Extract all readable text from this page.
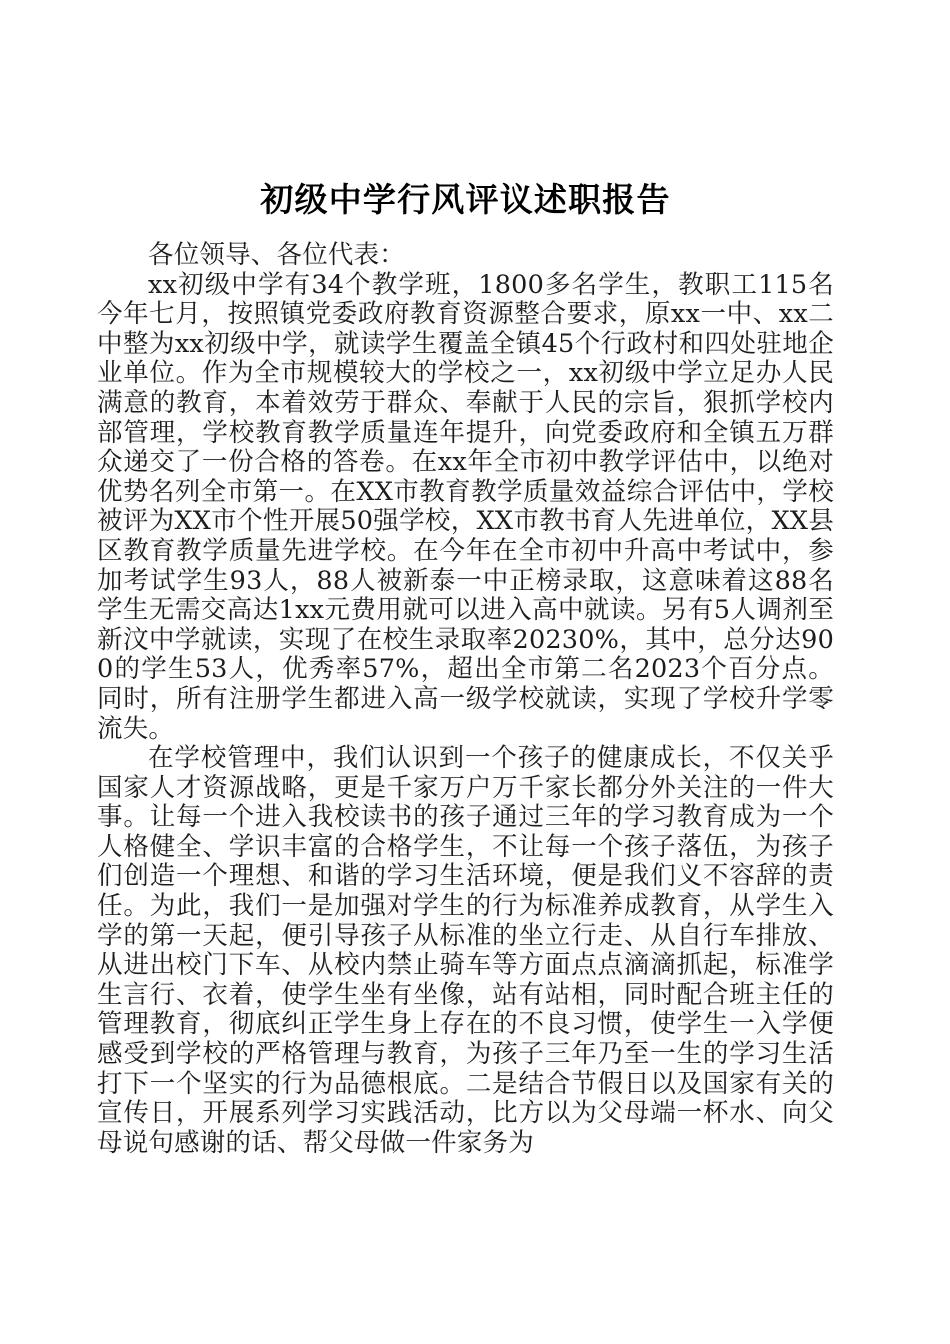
初级中学行风评议述职报告

各位领导、各位代表：

xx初级中学有34个教学班，1800多名学生，教职工115名今年七月，按照镇党委政府教育资源整合要求，原xx一中、xx二中整为xx初级中学，就读学生覆盖全镇45个行政村和四处驻地企业单位。作为全市规模较大的学校之一，xx初级中学立足办人民满意的教育，本着效劳于群众、奉献于人民的宗旨，狠抓学校内部管理，学校教育教学质量连年提升，向党委政府和全镇五万群众递交了一份合格的答卷。在xx年全市初中教学评估中，以绝对优势名列全市第一。在XX市教育教学质量效益综合评估中，学校被评为XX市个性开展50强学校，XX市教书育人先进单位，XX县区教育教学质量先进学校。在今年在全市初中升高中考试中，参加考试学生93人，88人被新泰一中正榜录取，这意味着这88名学生无需交高达1xx元费用就可以进入高中就读。另有5人调剂至新汶中学就读，实现了在校生录取率20230%，其中，总分达900的学生53人，优秀率57%，超出全市第二名2023个百分点。同时，所有注册学生都进入高一级学校就读，实现了学校升学零流失。

在学校管理中，我们认识到一个孩子的健康成长，不仅关乎国家人才资源战略，更是千家万户万千家长都分外关注的一件大事。让每一个进入我校读书的孩子通过三年的学习教育成为一个人格健全、学识丰富的合格学生，不让每一个孩子落伍，为孩子们创造一个理想、和谐的学习生活环境，便是我们义不容辞的责任。为此，我们一是加强对学生的行为标准养成教育，从学生入学的第一天起，便引导孩子从标准的坐立行走、从自行车排放、从进出校门下车、从校内禁止骑车等方面点点滴滴抓起，标准学生言行、衣着，使学生坐有坐像，站有站相，同时配合班主任的管理教育，彻底纠正学生身上存在的不良习惯，使学生一入学便感受到学校的严格管理与教育，为孩子三年乃至一生的学习生活打下一个坚实的行为品德根底。二是结合节假日以及国家有关的宣传日，开展系列学习实践活动，比方以为父母端一杯水、向父母说句感谢的话、帮父母做一件家务为
